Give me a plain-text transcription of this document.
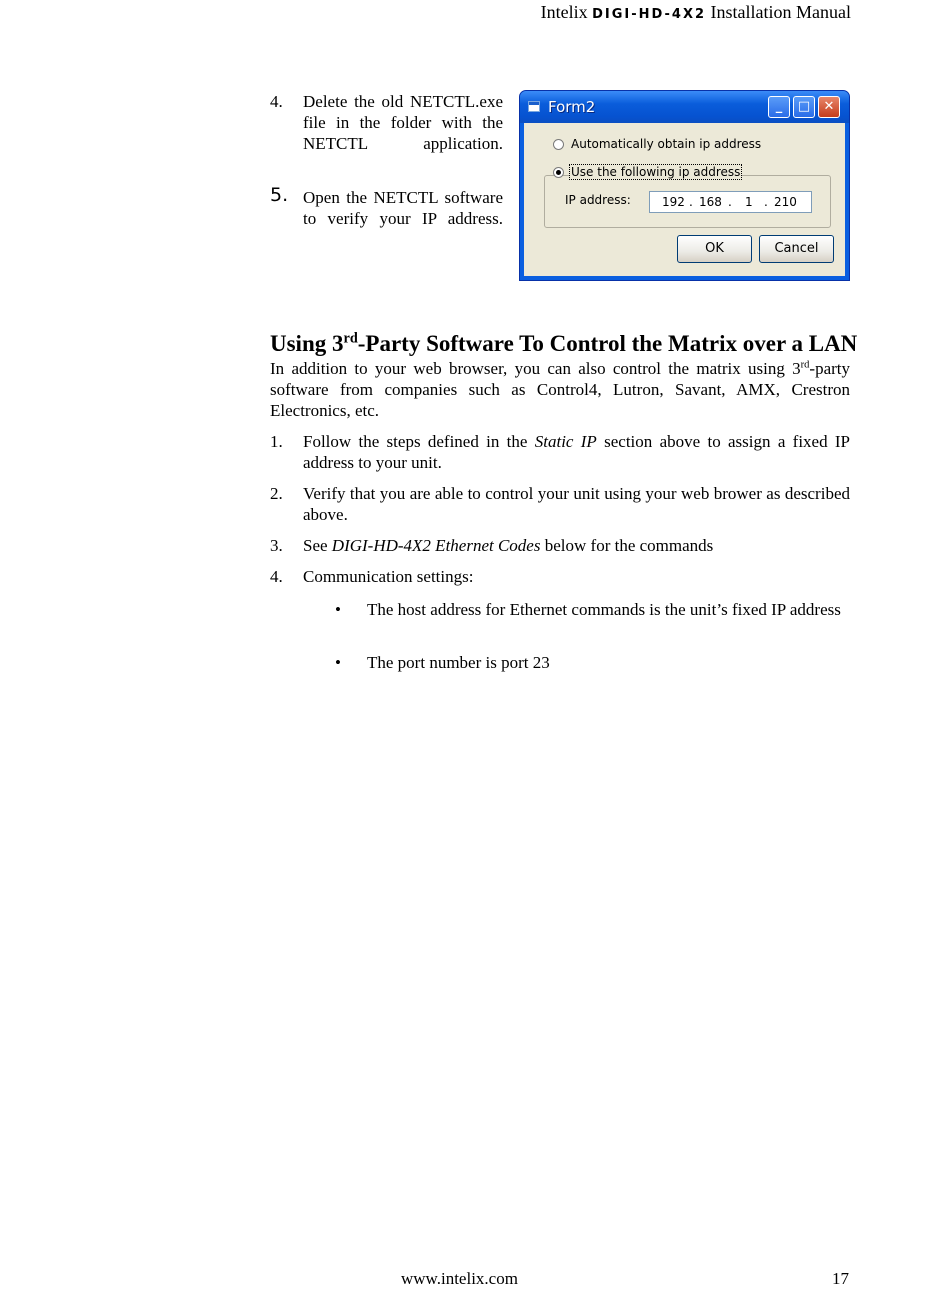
Intelix DIGI-HD-4X2 Installation Manual
4. Delete the old NETCTL.exe file in the folder with the NETCTL application.
5. Open the NETCTL software to verify your IP address.
Form2	_	□	✕
Automatically obtain ip address
Use the following ip address
IP address:	192 . 168 . 1 . 210
OK	Cancel
Using 3rd-Party Software To Control the Matrix over a LAN
In addition to your web browser, you can also control the matrix using 3rd-party software from companies such as Control4, Lutron, Savant, AMX, Crestron Electronics, etc.
1. Follow the steps defined in the Static IP section above to assign a fixed IP address to your unit.
2. Verify that you are able to control your unit using your web brower as described above.
3. See DIGI-HD-4X2 Ethernet Codes below for the commands
4. Communication settings:
• The host address for Ethernet commands is the unit’s fixed IP address
• The port number is port 23
www.intelix.com	17
